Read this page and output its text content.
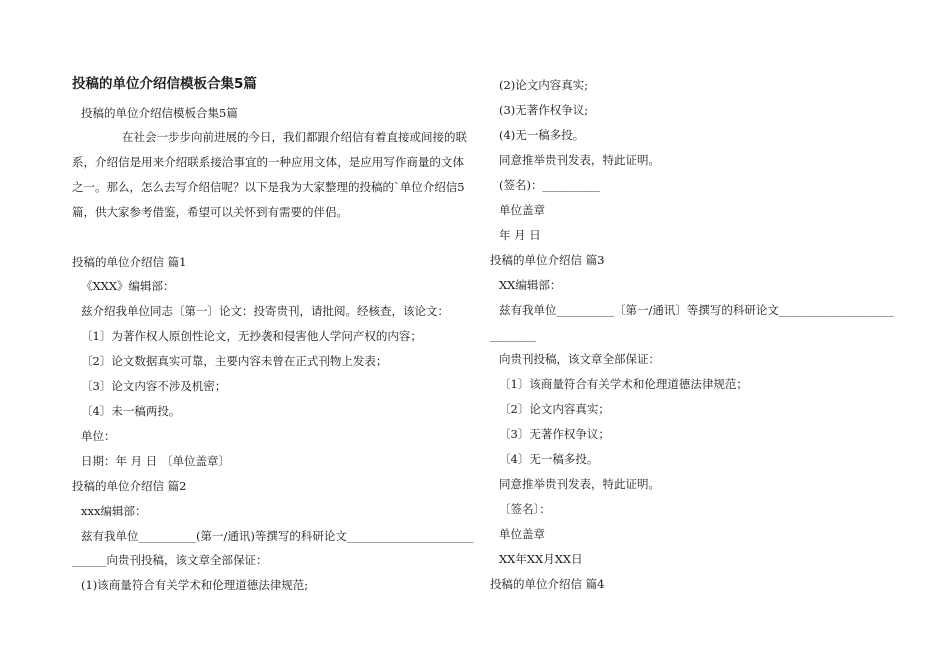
投稿的单位介绍信模板合集5篇
投稿的单位介绍信模板合集5篇
在社会一步步向前进展的今日，我们都跟介绍信有着直接或间接的联
系，介绍信是用来介绍联系接洽事宜的一种应用文体，是应用写作商量的文体
之一。那么，怎么去写介绍信呢？以下是我为大家整理的投稿的`单位介绍信5
篇，供大家参考借鉴，希望可以关怀到有需要的伴侣。
投稿的单位介绍信 篇1
《XXX》编辑部：
兹介绍我单位同志〔第一〕论文：投寄贵刊，请批阅。经核查，该论文：
〔1〕为著作权人原创性论文，无抄袭和侵害他人学问产权的内容；
〔2〕论文数据真实可靠，主要内容未曾在正式刊物上发表；
〔3〕论文内容不涉及机密；
〔4〕未一稿两投。
单位：
日期：年 月 日 〔单位盖章〕
投稿的单位介绍信 篇2
xxx编辑部：
兹有我单位__________(第一/通讯)等撰写的科研论文______________________
______向贵刊投稿，该文章全部保证：
(1)该商量符合有关学术和伦理道德法律规范;
(2)论文内容真实;
(3)无著作权争议;
(4)无一稿多投。
同意推举贵刊发表，特此证明。
(签名)：__________
单位盖章
年 月 日
投稿的单位介绍信 篇3
XX编辑部：
兹有我单位__________〔第一/通讯〕等撰写的科研论文____________________
________
向贵刊投稿，该文章全部保证：
〔1〕该商量符合有关学术和伦理道德法律规范；
〔2〕论文内容真实；
〔3〕无著作权争议；
〔4〕无一稿多投。
同意推举贵刊发表，特此证明。
〔签名〕：
单位盖章
XX年XX月XX日
投稿的单位介绍信 篇4
